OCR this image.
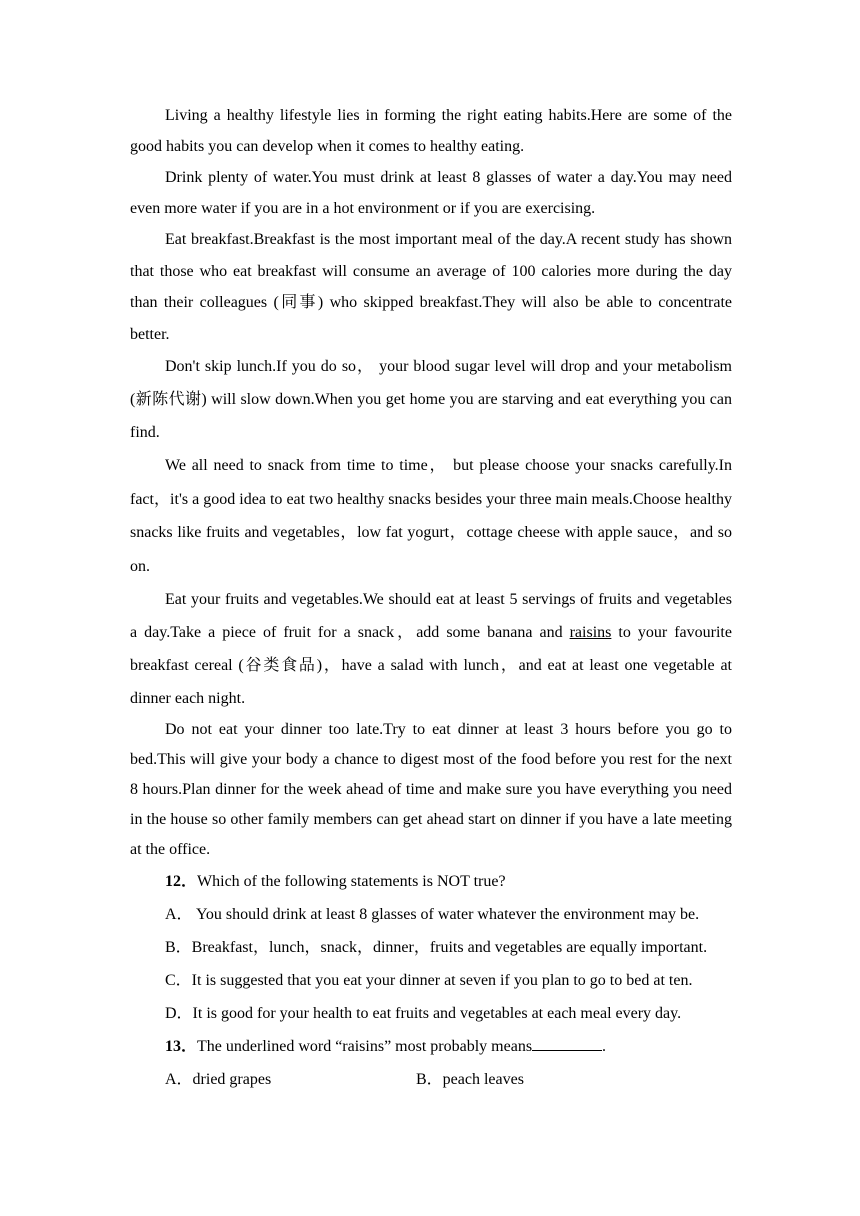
Living a healthy lifestyle lies in forming the right eating habits.Here are some of the good habits you can develop when it comes to healthy eating.

Drink plenty of water.You must drink at least 8 glasses of water a day.You may need even more water if you are in a hot environment or if you are exercising.

Eat breakfast.Breakfast is the most important meal of the day.A recent study has shown that those who eat breakfast will consume an average of 100 calories more during the day than their colleagues (同事) who skipped breakfast.They will also be able to concentrate better.

Don't skip lunch.If you do so， your blood sugar level will drop and your metabolism (新陈代谢) will slow down.When you get home you are starving and eat everything you can find.

We all need to snack from time to time， but please choose your snacks carefully.In fact，it's a good idea to eat two healthy snacks besides your three main meals.Choose healthy snacks like fruits and vegetables，low fat yogurt，cottage cheese with apple sauce，and so on.

Eat your fruits and vegetables.We should eat at least 5 servings of fruits and vegetables a day.Take a piece of fruit for a snack，add some banana and raisins to your favourite breakfast cereal (谷类食品)，have a salad with lunch，and eat at least one vegetable at dinner each night.

Do not eat your dinner too late.Try to eat dinner at least 3 hours before you go to bed.This will give your body a chance to digest most of the food before you rest for the next 8 hours.Plan dinner for the week ahead of time and make sure you have everything you need in the house so other family members can get ahead start on dinner if you have a late meeting at the office.

12．Which of the following statements is NOT true?

A． You should drink at least 8 glasses of water whatever the environment may be.

B．Breakfast，lunch，snack，dinner，fruits and vegetables are equally important.

C．It is suggested that you eat your dinner at seven if you plan to go to bed at ten.

D．It is good for your health to eat fruits and vegetables at each meal every day.

13．The underlined word “raisins” most probably means	.

A．dried grapes	B．peach leaves
